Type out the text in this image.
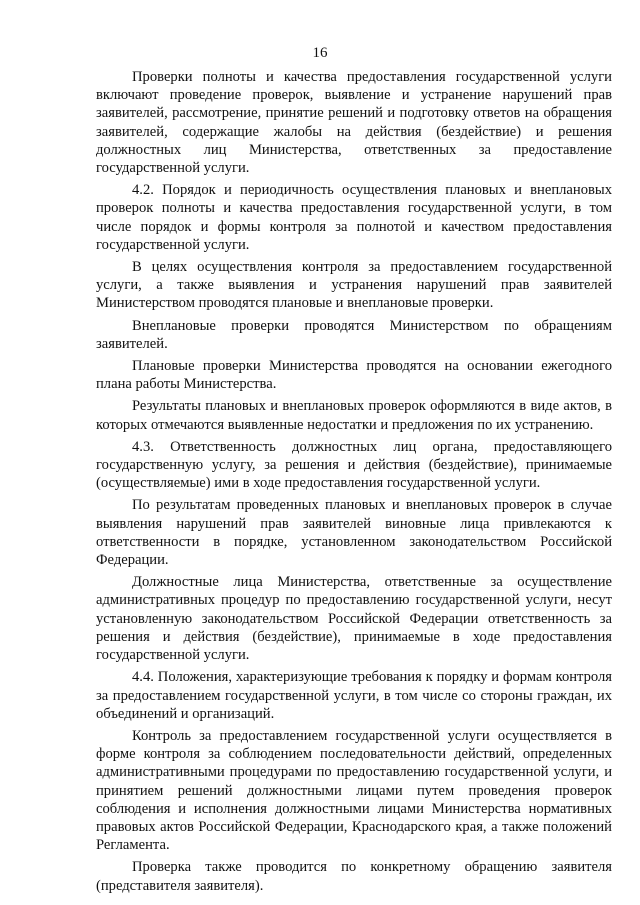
16

Проверки полноты и качества предоставления государственной услуги включают проведение проверок, выявление и устранение нарушений прав заявителей, рассмотрение, принятие решений и подготовку ответов на обращения заявителей, содержащие жалобы на действия (бездействие) и решения должностных лиц Министерства, ответственных за предоставление государственной услуги.

4.2. Порядок и периодичность осуществления плановых и внеплановых проверок полноты и качества предоставления государственной услуги, в том числе порядок и формы контроля за полнотой и качеством предоставления государственной услуги.

В целях осуществления контроля за предоставлением государственной услуги, а также выявления и устранения нарушений прав заявителей Министерством проводятся плановые и внеплановые проверки.

Внеплановые проверки проводятся Министерством по обращениям заявителей.

Плановые проверки Министерства проводятся на основании ежегодного плана работы Министерства.

Результаты плановых и внеплановых проверок оформляются в виде актов, в которых отмечаются выявленные недостатки и предложения по их устранению.

4.3. Ответственность должностных лиц органа, предоставляющего государственную услугу, за решения и действия (бездействие), принимаемые (осуществляемые) ими в ходе предоставления государственной услуги.

По результатам проведенных плановых и внеплановых проверок в случае выявления нарушений прав заявителей виновные лица привлекаются к ответственности в порядке, установленном законодательством Российской Федерации.

Должностные лица Министерства, ответственные за осуществление административных процедур по предоставлению государственной услуги, несут установленную законодательством Российской Федерации ответственность за решения и действия (бездействие), принимаемые в ходе предоставления государственной услуги.

4.4. Положения, характеризующие требования к порядку и формам контроля за предоставлением государственной услуги, в том числе со стороны граждан, их объединений и организаций.

Контроль за предоставлением государственной услуги осуществляется в форме контроля за соблюдением последовательности действий, определенных административными процедурами по предоставлению государственной услуги, и принятием решений должностными лицами путем проведения проверок соблюдения и исполнения должностными лицами Министерства нормативных правовых актов Российской Федерации, Краснодарского края, а также положений Регламента.

Проверка также проводится по конкретному обращению заявителя (представителя заявителя).
